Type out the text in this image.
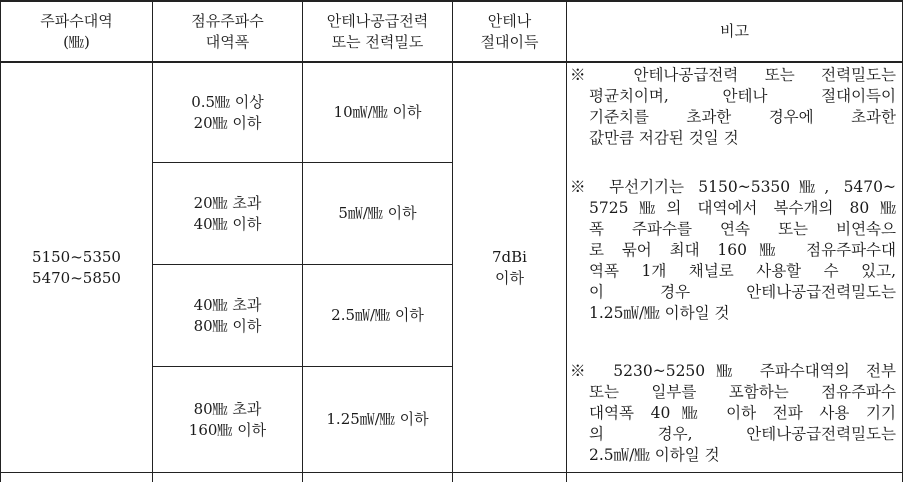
주파수대역
(㎒)
점유주파수
대역폭
안테나공급전력
또는 전력밀도
안테나
절대이득
비고
5150~5350
5470~5850
0.5㎒ 이상
20㎒ 이하
10㎽/㎒ 이하
20㎒ 초과
40㎒ 이하
5㎽/㎒ 이하
40㎒ 초과
80㎒ 이하
2.5㎽/㎒ 이하
80㎒ 초과
160㎒ 이하
1.25㎽/㎒ 이하
7dBi
이하
※ 안테나공급전력 또는 전력밀도는
평균치이며, 안테나 절대이득이
기준치를 초과한 경우에 초과한
값만큼 저감된 것일 것
※ 무선기기는 5150~5350㎒, 5470~
5725㎒의 대역에서 복수개의 80㎒
폭 주파수를 연속 또는 비연속으
로 묶어 최대 160㎒ 점유주파수대
역폭 1개 채널로 사용할 수 있고,
이 경우 안테나공급전력밀도는
1.25㎽/㎒ 이하일 것
※ 5230~5250㎒ 주파수대역의 전부
또는 일부를 포함하는 점유주파수
대역폭 40㎒ 이하 전파 사용 기기
의 경우, 안테나공급전력밀도는
2.5㎽/㎒ 이하일 것
